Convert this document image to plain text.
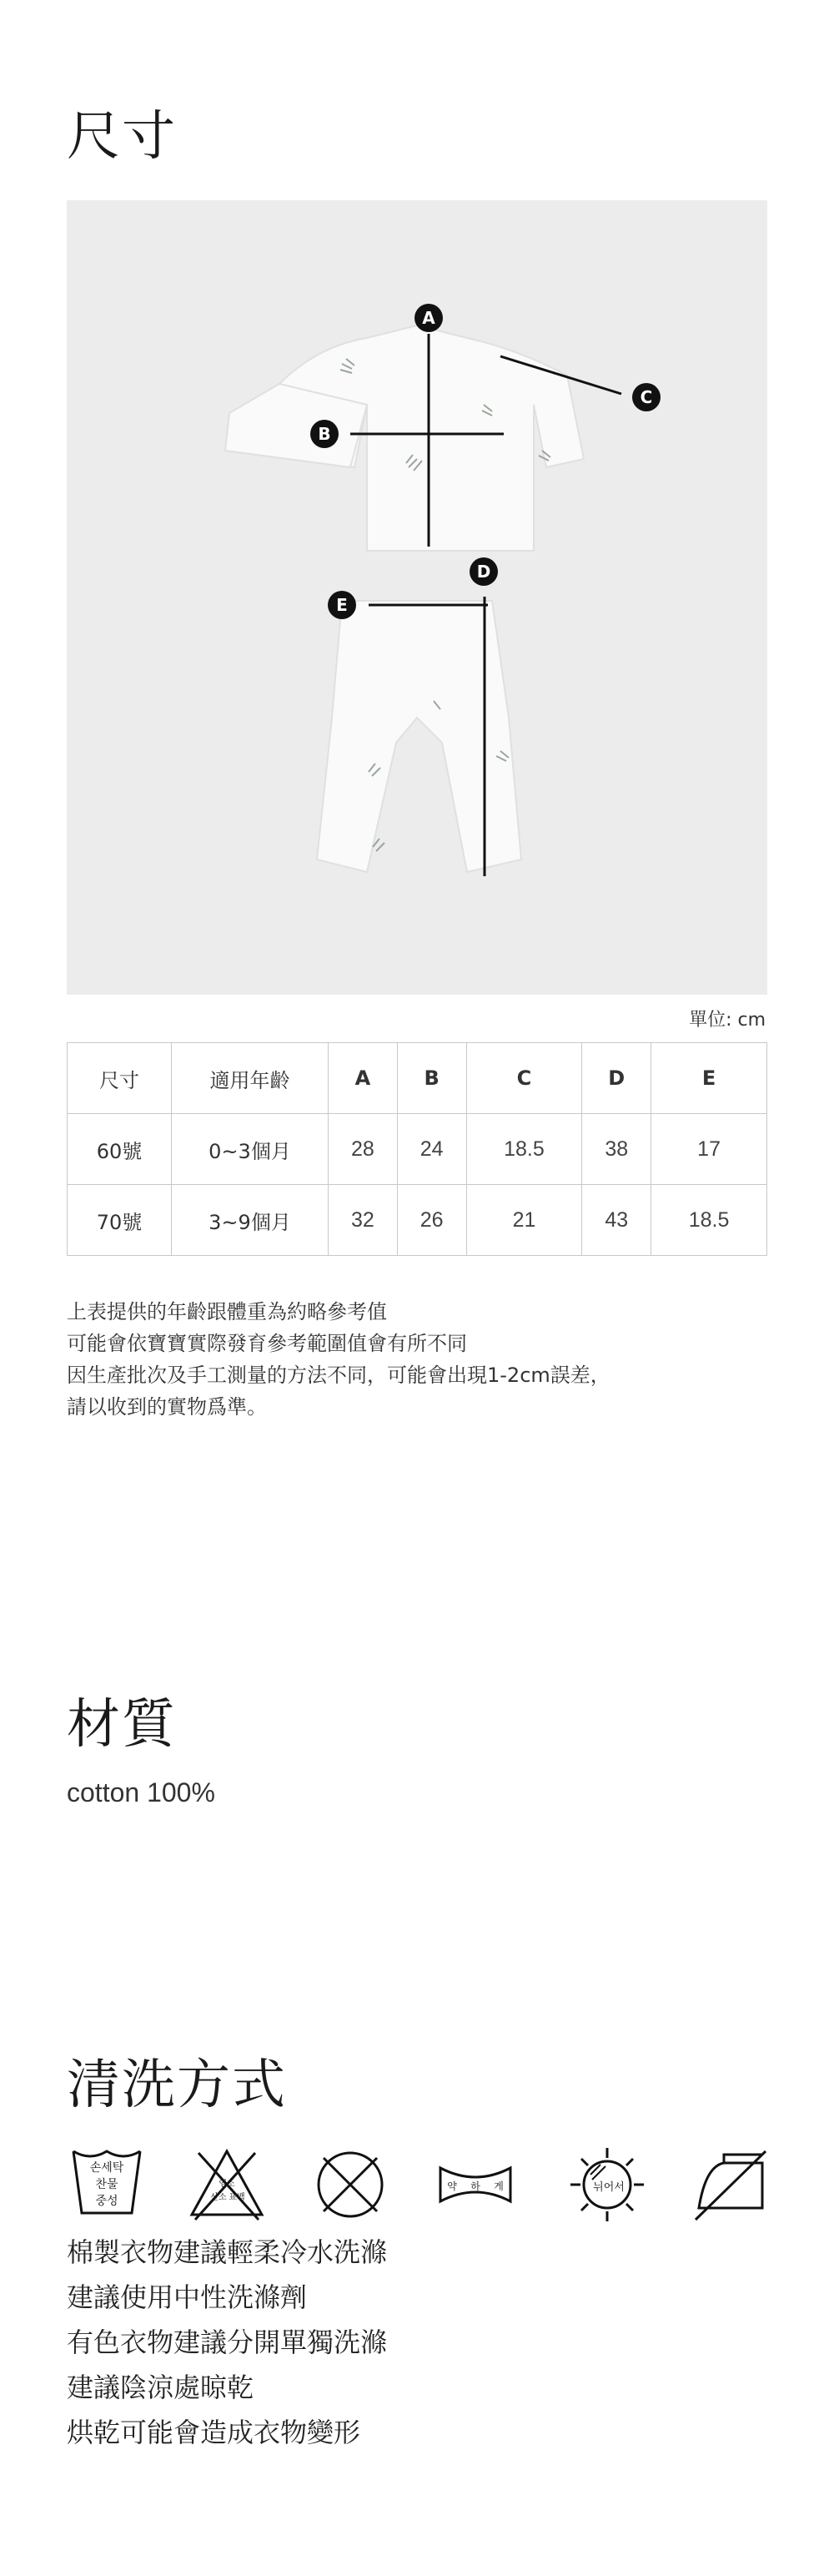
尺寸
A
B
C
D
E
單位: cm
尺寸	適用年齡	A	B	C	D	E
60號	0~3個月	28	24	18.5	38	17
70號	3~9個月	32	26	21	43	18.5
上表提供的年齡跟體重為約略參考值
可能會依寶寶實際發育參考範圍值會有所不同
因生產批次及手工測量的方法不同，可能會出現1-2cm誤差，
請以收到的實物爲準。
材質
cotton 100%
清洗方式
손세탁
찬물
중성
염소
산소 표백
약 하 게	뉘어서
棉製衣物建議輕柔冷水洗滌
建議使用中性洗滌劑
有色衣物建議分開單獨洗滌
建議陰涼處晾乾
烘乾可能會造成衣物變形
